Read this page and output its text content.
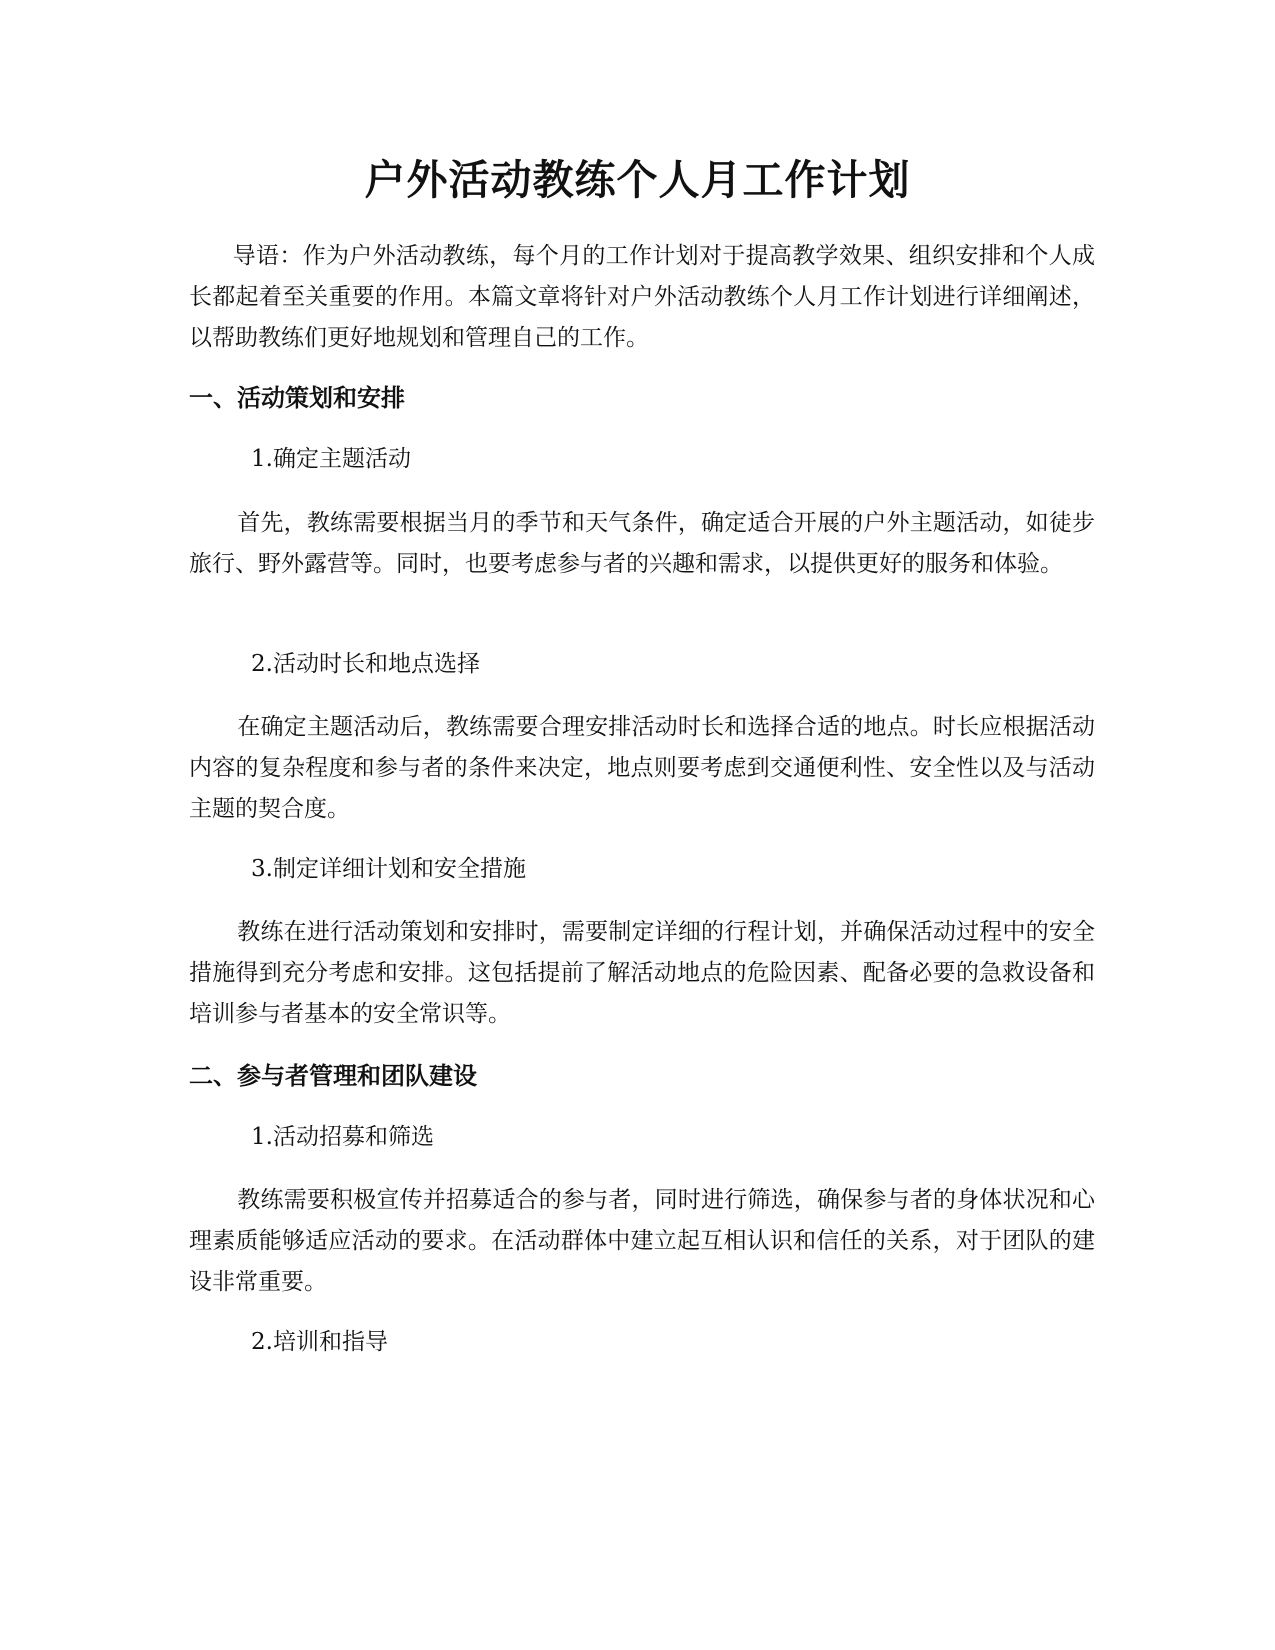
户外活动教练个人月工作计划

导语：作为户外活动教练，每个月的工作计划对于提高教学效果、组织安排和个人成长都起着至关重要的作用。本篇文章将针对户外活动教练个人月工作计划进行详细阐述，以帮助教练们更好地规划和管理自己的工作。

一、活动策划和安排

1.确定主题活动

首先，教练需要根据当月的季节和天气条件，确定适合开展的户外主题活动，如徒步旅行、野外露营等。同时，也要考虑参与者的兴趣和需求，以提供更好的服务和体验。

2.活动时长和地点选择

在确定主题活动后，教练需要合理安排活动时长和选择合适的地点。时长应根据活动内容的复杂程度和参与者的条件来决定，地点则要考虑到交通便利性、安全性以及与活动主题的契合度。

3.制定详细计划和安全措施

教练在进行活动策划和安排时，需要制定详细的行程计划，并确保活动过程中的安全措施得到充分考虑和安排。这包括提前了解活动地点的危险因素、配备必要的急救设备和培训参与者基本的安全常识等。

二、参与者管理和团队建设

1.活动招募和筛选

教练需要积极宣传并招募适合的参与者，同时进行筛选，确保参与者的身体状况和心理素质能够适应活动的要求。在活动群体中建立起互相认识和信任的关系，对于团队的建设非常重要。

2.培训和指导
